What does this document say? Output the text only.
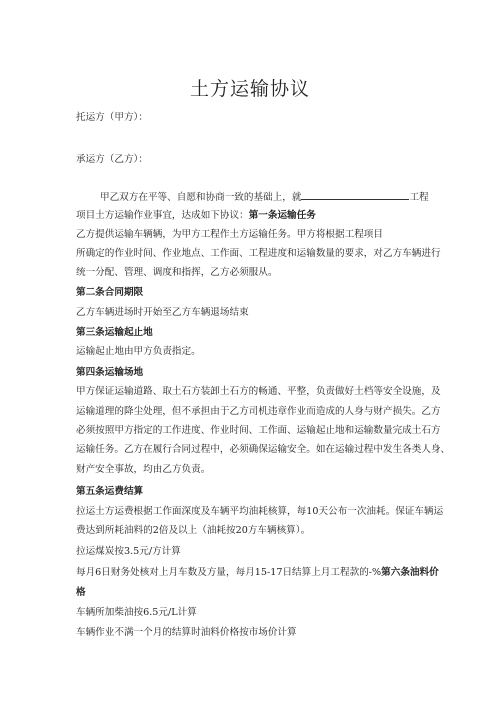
土方运输协议
托运方（甲方）：
承运方（乙方）：
甲乙双方在平等、自愿和协商一致的基础上，就	工程
项目土方运输作业事宜，达成如下协议：第一条运输任务
乙方提供运输车辆辆，为甲方工程作土方运输任务。甲方将根据工程项目
所确定的作业时间、作业地点、工作面、工程进度和运输数量的要求，对乙方车辆进行
统一分配、管理、调度和指挥，乙方必须服从。
第二条合同期限
乙方车辆进场时开始至乙方车辆退场结束
第三条运输起止地
运输起止地由甲方负责指定。
第四条运输场地
甲方保证运输道路、取土石方装卸土石方的畅通、平整，负责做好土档等安全设施，及
运输道理的降尘处理，但不承担由于乙方司机违章作业而造成的人身与财产损失。乙方
必须按照甲方指定的工作进度、作业时间、工作面、运输起止地和运输数量完成土石方
运输任务。乙方在履行合同过程中，必须确保运输安全。如在运输过程中发生各类人身、
财产安全事故，均由乙方负责。
第五条运费结算
拉运土方运费根据工作面深度及车辆平均油耗核算，每10天公布一次油耗。保证车辆运
费达到所耗油料的2倍及以上（油耗按20方车辆核算）。
拉运煤炭按3.5元/方计算
每月6日财务处核对上月车数及方量，每月15-17日结算上月工程款的-%第六条油料价
车辆所加柴油按6.5元/L计算
车辆作业不满一个月的结算时油料价格按市场价计算
格
